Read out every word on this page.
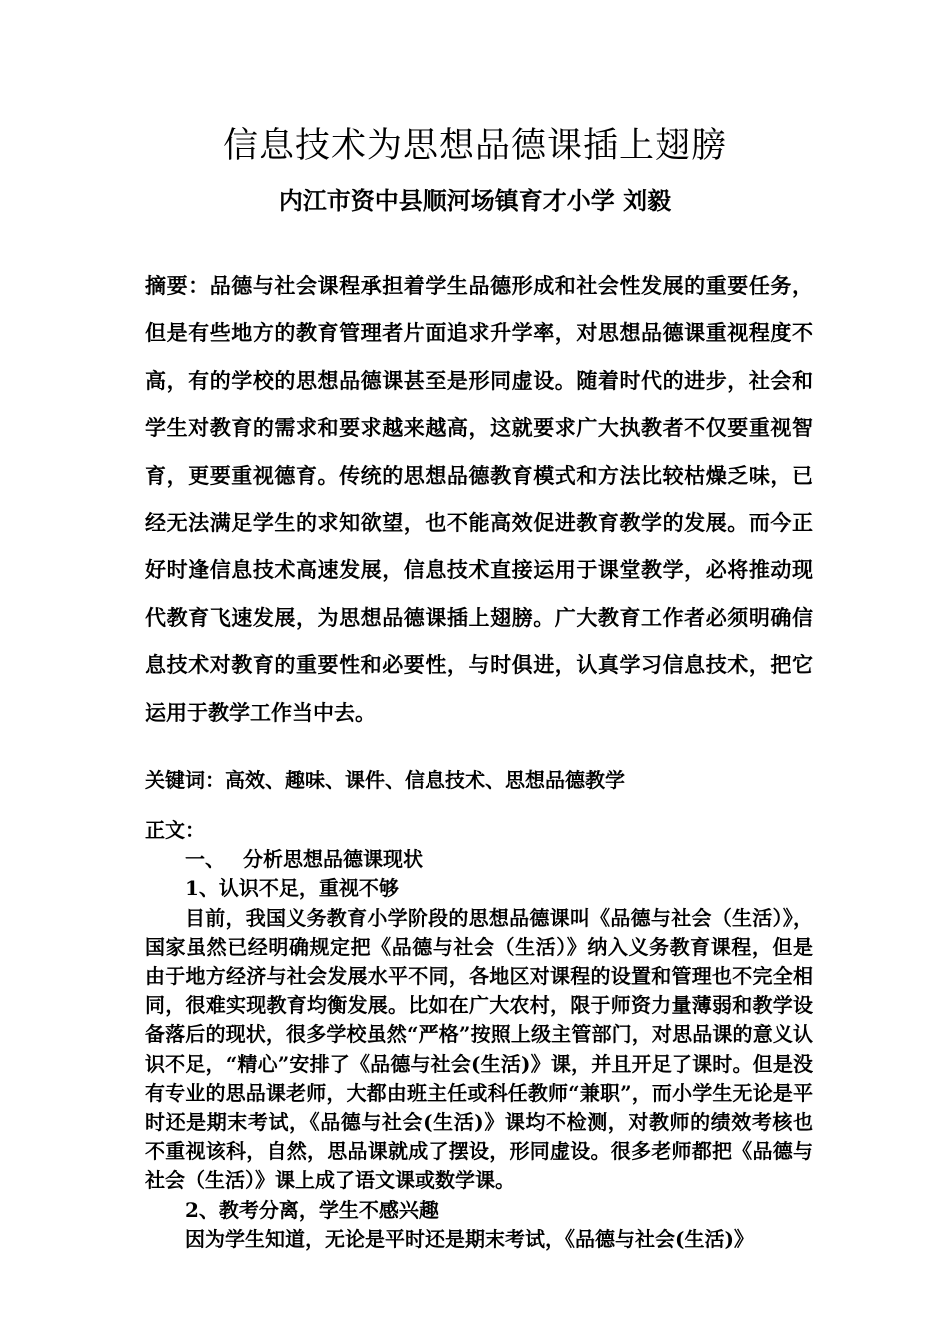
信息技术为思想品德课插上翅膀
内江市资中县顺河场镇育才小学 刘毅
摘要：品德与社会课程承担着学生品德形成和社会性发展的重要任务，但是有些地方的教育管理者片面追求升学率，对思想品德课重视程度不高，有的学校的思想品德课甚至是形同虚设。随着时代的进步，社会和学生对教育的需求和要求越来越高，这就要求广大执教者不仅要重视智育，更要重视德育。传统的思想品德教育模式和方法比较枯燥乏味，已经无法满足学生的求知欲望，也不能高效促进教育教学的发展。而今正好时逢信息技术高速发展，信息技术直接运用于课堂教学，必将推动现代教育飞速发展，为思想品德课插上翅膀。广大教育工作者必须明确信息技术对教育的重要性和必要性，与时俱进，认真学习信息技术，把它运用于教学工作当中去。
关键词：高效、趣味、课件、信息技术、思想品德教学

正文：

一、 分析思想品德课现状

1、认识不足，重视不够

目前，我国义务教育小学阶段的思想品德课叫《品德与社会（生活）》，国家虽然已经明确规定把《品德与社会（生活）》纳入义务教育课程，但是由于地方经济与社会发展水平不同，各地区对课程的设置和管理也不完全相同，很难实现教育均衡发展。比如在广大农村，限于师资力量薄弱和教学设备落后的现状，很多学校虽然“严格”按照上级主管部门，对思品课的意义认识不足，“精心”安排了《品德与社会(生活)》课，并且开足了课时。但是没有专业的思品课老师，大都由班主任或科任教师“兼职”，而小学生无论是平时还是期末考试，《品德与社会(生活)》课均不检测，对教师的绩效考核也不重视该科，自然，思品课就成了摆设，形同虚设。很多老师都把《品德与社会（生活）》课上成了语文课或数学课。

2、教考分离，学生不感兴趣

因为学生知道，无论是平时还是期末考试，《品德与社会(生活)》
